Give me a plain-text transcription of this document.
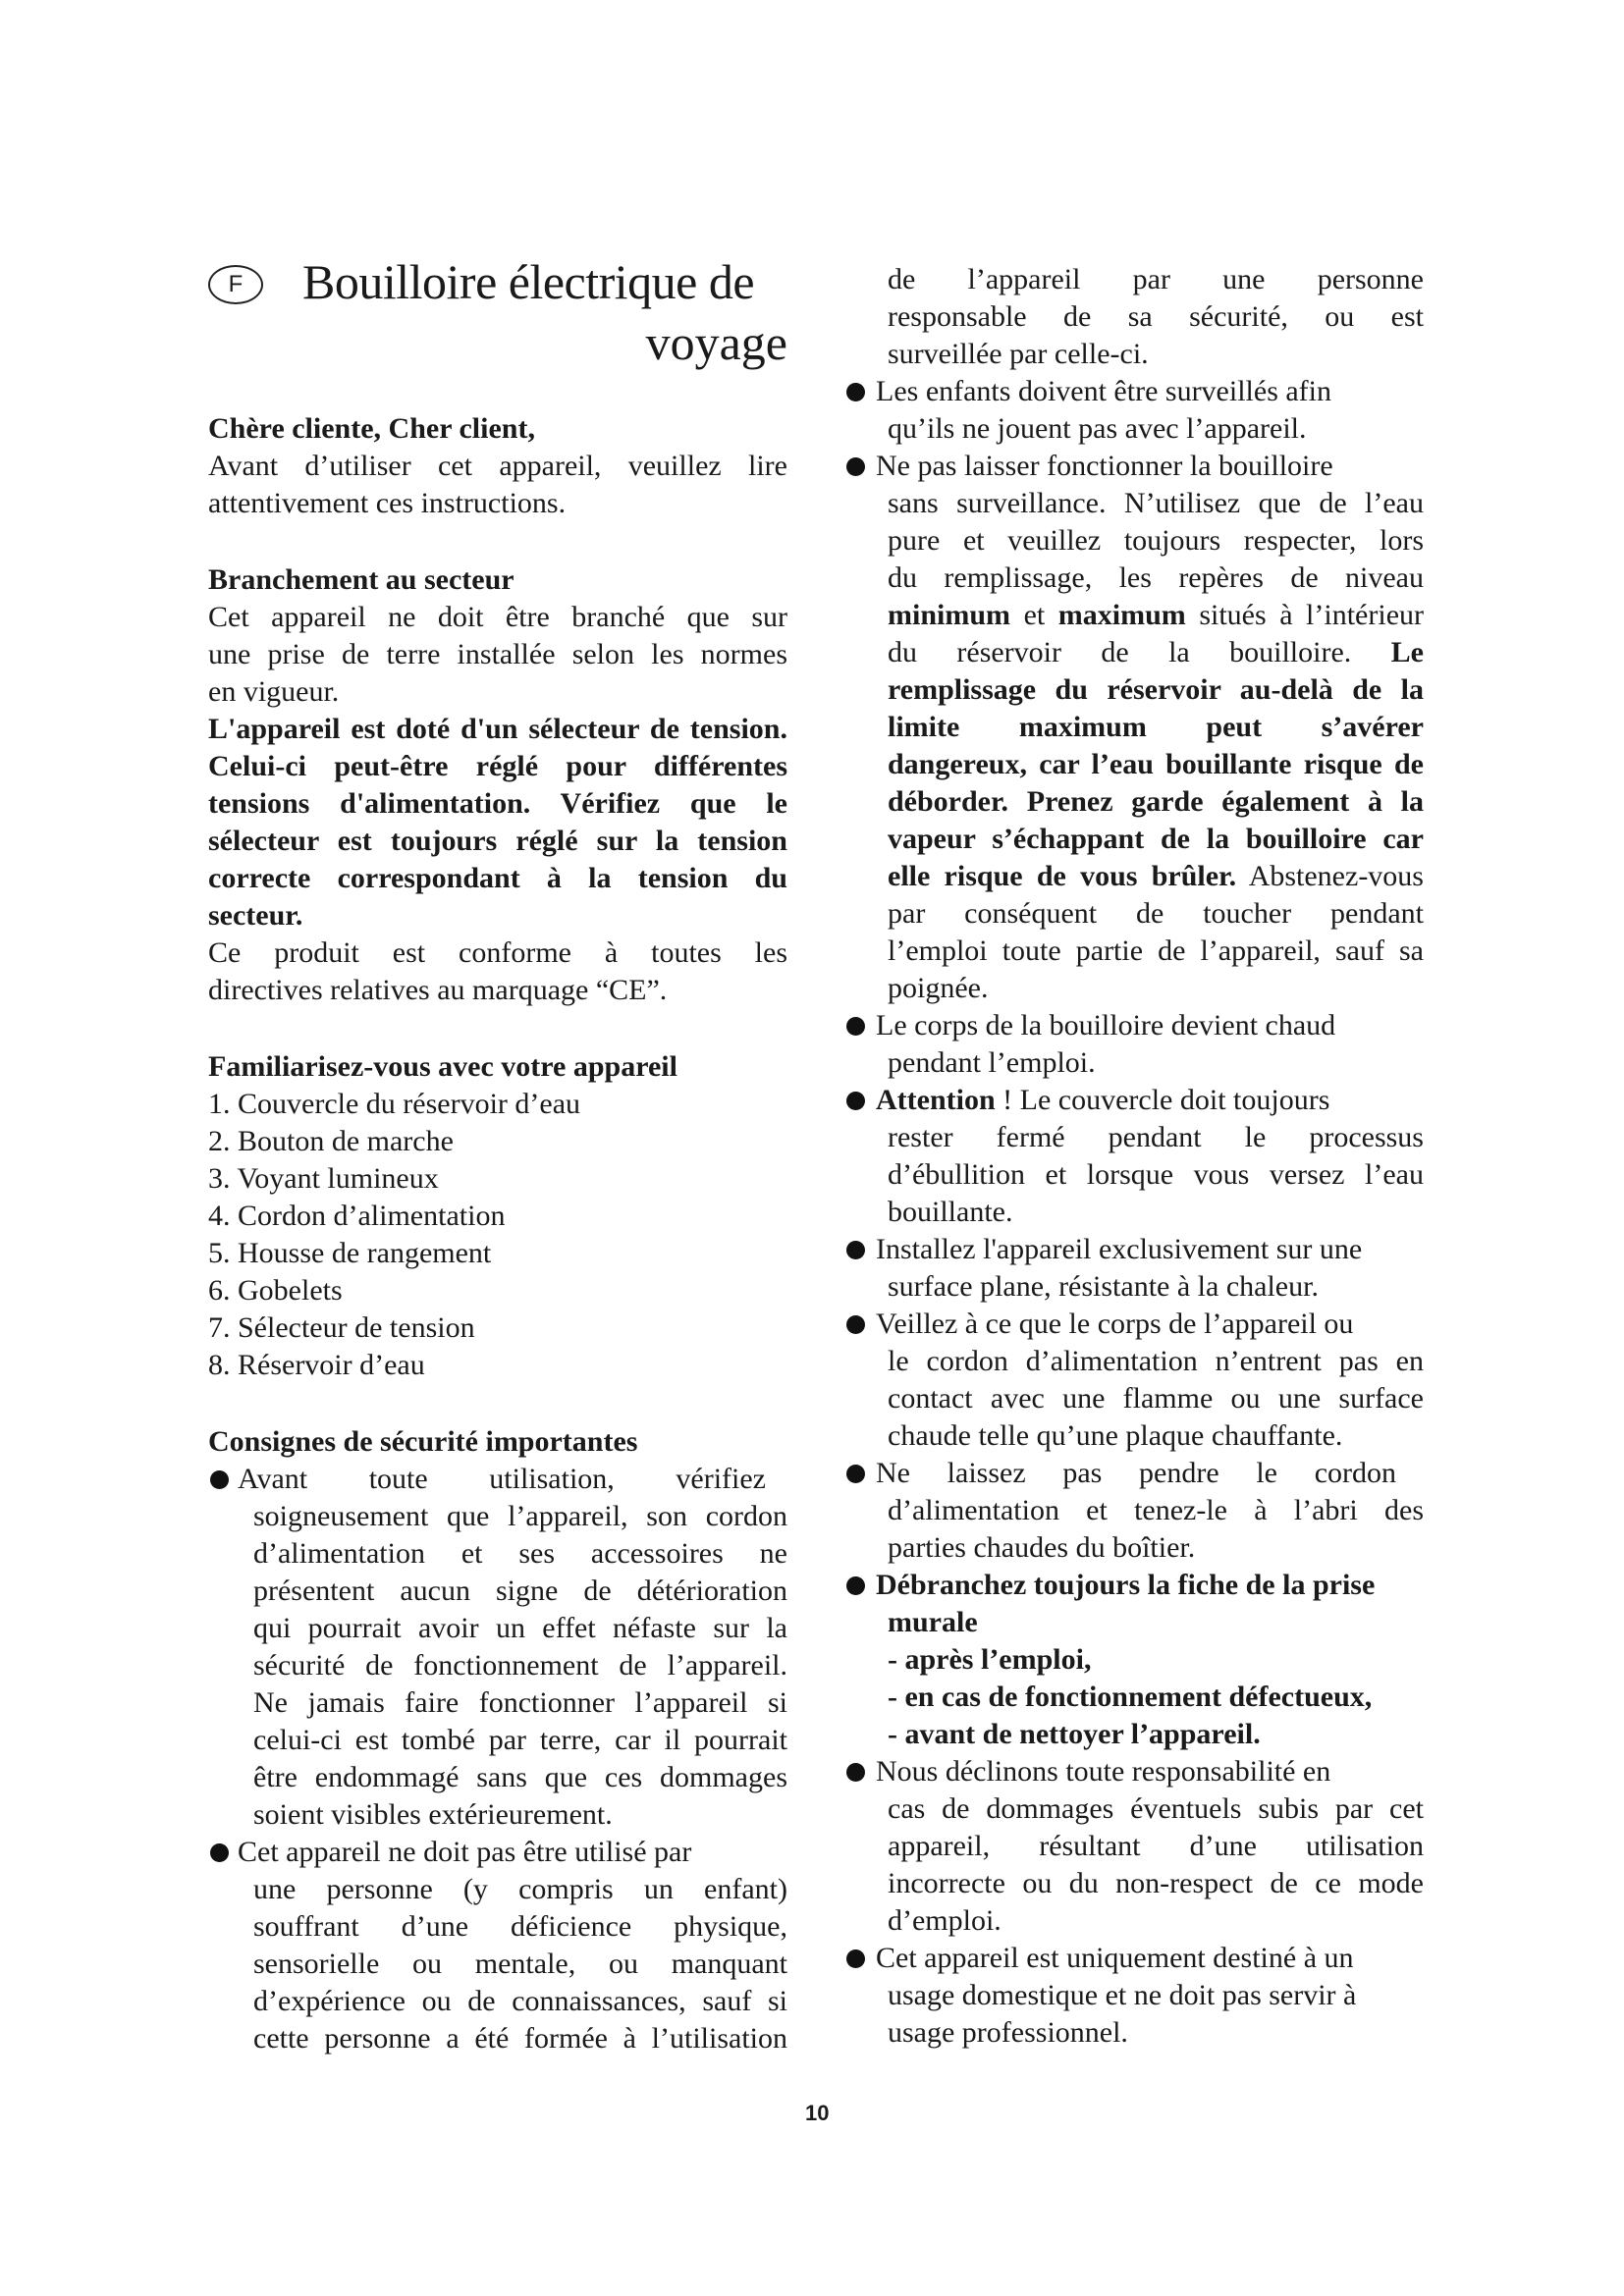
F	Bouilloire électrique de
voyage
Chère cliente, Cher client,
Avant d’utiliser cet appareil, veuillez lire
attentivement ces instructions.
Branchement au secteur
Cet appareil ne doit être branché que sur
une prise de terre installée selon les normes
en vigueur.
L'appareil est doté d'un sélecteur de tension.
Celui-ci peut-être réglé pour différentes
tensions d'alimentation. Vérifiez que le
sélecteur est toujours réglé sur la tension
correcte correspondant à la tension du
secteur.
Ce produit est conforme à toutes les
directives relatives au marquage “CE”.
Familiarisez-vous avec votre appareil
1. Couvercle du réservoir d’eau
2. Bouton de marche
3. Voyant lumineux
4. Cordon d’alimentation
5. Housse de rangement
6. Gobelets
7. Sélecteur de tension
8. Réservoir d’eau
Consignes de sécurité importantes
Avant toute utilisation, vérifiez
soigneusement que l’appareil, son cordon
d’alimentation et ses accessoires ne
présentent aucun signe de détérioration
qui pourrait avoir un effet néfaste sur la
sécurité de fonctionnement de l’appareil.
Ne jamais faire fonctionner l’appareil si
celui-ci est tombé par terre, car il pourrait
être endommagé sans que ces dommages
soient visibles extérieurement.
Cet appareil ne doit pas être utilisé par
une personne (y compris un enfant)
souffrant d’une déficience physique,
sensorielle ou mentale, ou manquant
d’expérience ou de connaissances, sauf si
cette personne a été formée à l’utilisation
de l’appareil par une personne
responsable de sa sécurité, ou est
surveillée par celle-ci.
Les enfants doivent être surveillés afin
qu’ils ne jouent pas avec l’appareil.
Ne pas laisser fonctionner la bouilloire
sans surveillance. N’utilisez que de l’eau
pure et veuillez toujours respecter, lors
du remplissage, les repères de niveau
minimum et maximum situés à l’intérieur
du réservoir de la bouilloire. Le
remplissage du réservoir au-delà de la
limite maximum peut s’avérer
dangereux, car l’eau bouillante risque de
déborder. Prenez garde également à la
vapeur s’échappant de la bouilloire car
elle risque de vous brûler. Abstenez-vous
par conséquent de toucher pendant
l’emploi toute partie de l’appareil, sauf sa
poignée.
Le corps de la bouilloire devient chaud
pendant l’emploi.
Attention ! Le couvercle doit toujours
rester fermé pendant le processus
d’ébullition et lorsque vous versez l’eau
bouillante.
Installez l'appareil exclusivement sur une
surface plane, résistante à la chaleur.
Veillez à ce que le corps de l’appareil ou
le cordon d’alimentation n’entrent pas en
contact avec une flamme ou une surface
chaude telle qu’une plaque chauffante.
Ne laissez pas pendre le cordon
d’alimentation et tenez-le à l’abri des
parties chaudes du boîtier.
Débranchez toujours la fiche de la prise
murale
- après l’emploi,
- en cas de fonctionnement défectueux,
- avant de nettoyer l’appareil.
Nous déclinons toute responsabilité en
cas de dommages éventuels subis par cet
appareil, résultant d’une utilisation
incorrecte ou du non-respect de ce mode
d’emploi.
Cet appareil est uniquement destiné à un
usage domestique et ne doit pas servir à
usage professionnel.
10
